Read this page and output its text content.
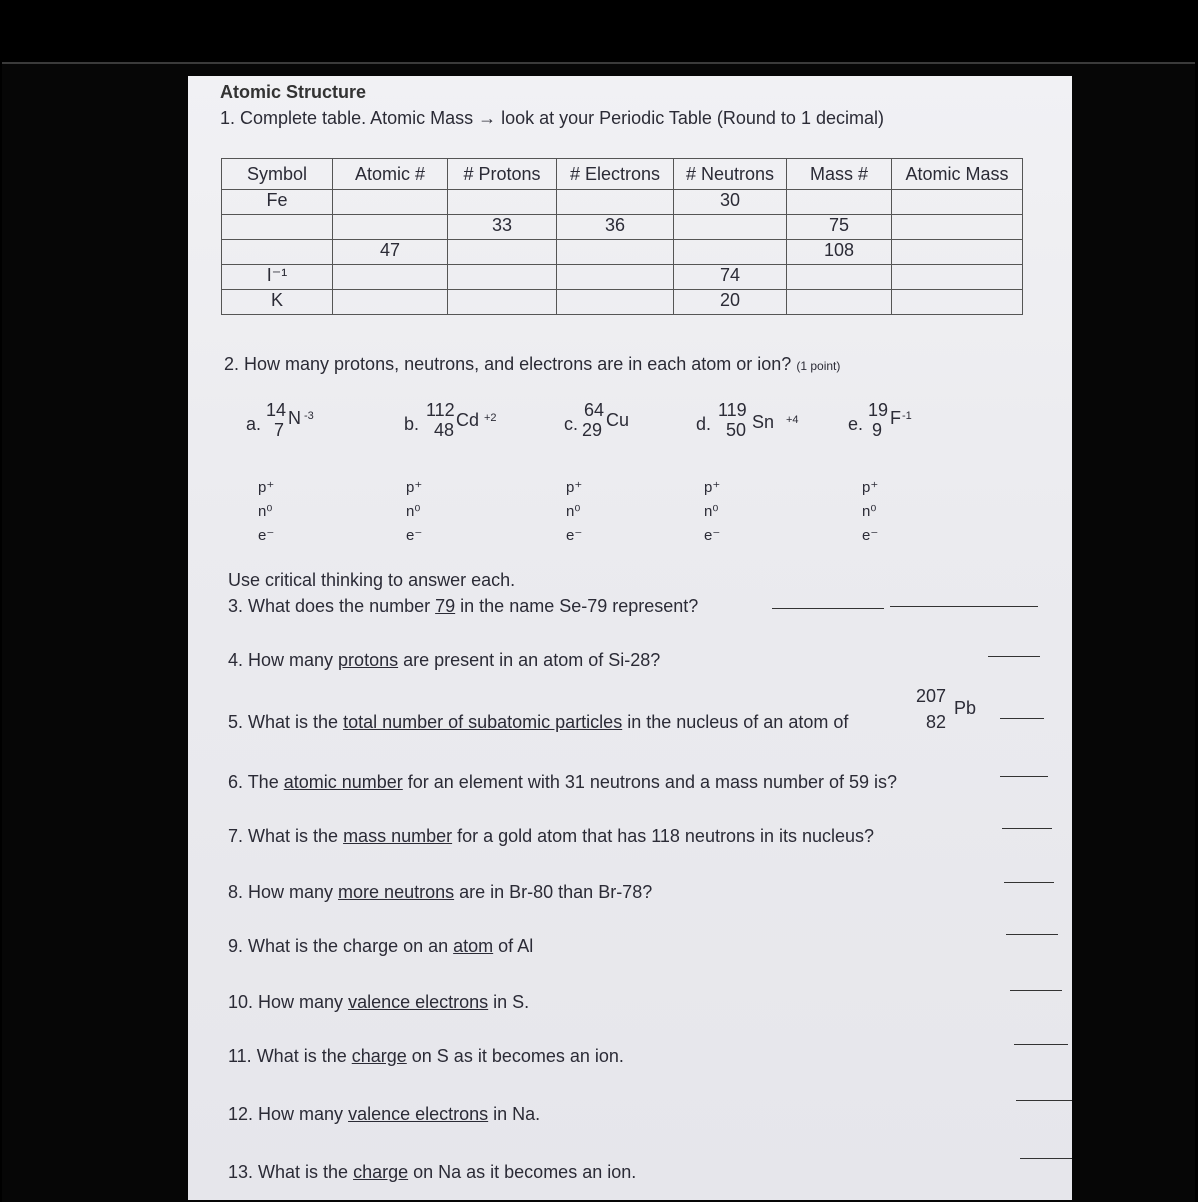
Atomic Structure
1. Complete table. Atomic Mass → look at your Periodic Table (Round to 1 decimal)
Symbol	Atomic #	# Protons	# Electrons	# Neutrons	Mass #	Atomic Mass
Fe				30		
		33	36		75	
	47				108	
I⁻¹				74		
K				20		
2. How many protons, neutrons, and electrons are in each atom or ion? (1 point)
a.
14
7
N -3	b.
112
48 Cd +2	c.
64
29 Cu	d.
119
50 Sn +4	e.
19
9
F -1
p⁺
n⁰
e⁻
p⁺
n⁰
e⁻
p⁺
n⁰
e⁻
p⁺
n⁰
e⁻
p⁺
n⁰
e⁻
Use critical thinking to answer each.
3. What does the number 79 in the name Se-79 represent?
4. How many protons are present in an atom of Si-28?
5. What is the total number of subatomic particles in the nucleus of an atom of
207
82
Pb
6. The atomic number for an element with 31 neutrons and a mass number of 59 is?
7. What is the mass number for a gold atom that has 118 neutrons in its nucleus?
8. How many more neutrons are in Br-80 than Br-78?
9. What is the charge on an atom of Al
10. How many valence electrons in S.
11. What is the charge on S as it becomes an ion.
12. How many valence electrons in Na.
13. What is the charge on Na as it becomes an ion.
